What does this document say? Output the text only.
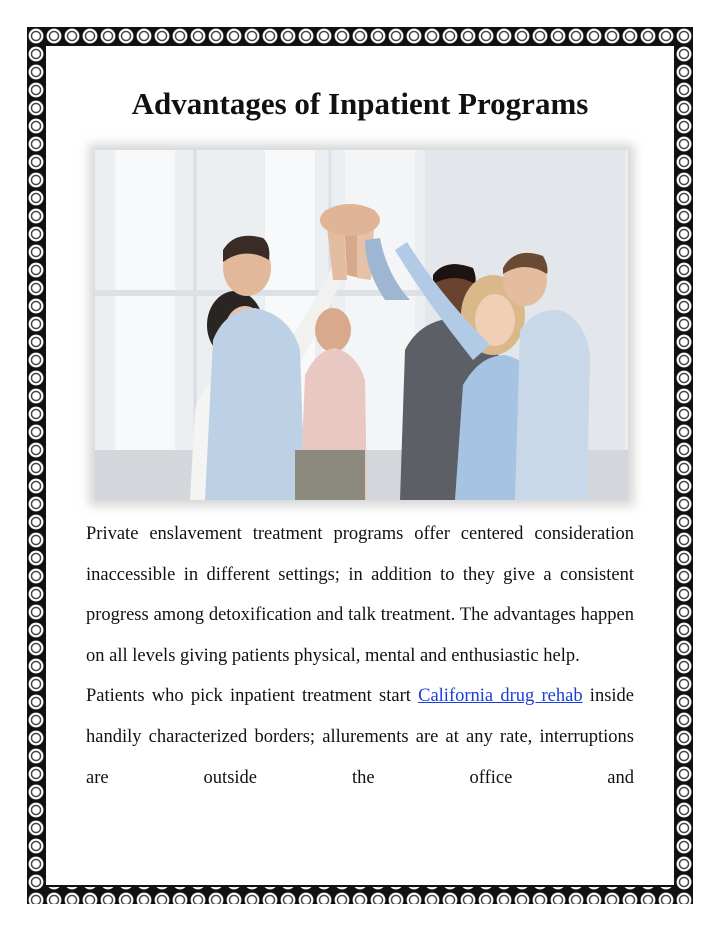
Advantages of Inpatient Programs

Private enslavement treatment programs offer centered consideration inaccessible in different settings; in addition to they give a consistent progress among detoxification and talk treatment. The advantages happen on all levels giving patients physical, mental and enthusiastic help.

Patients who pick inpatient treatment start California drug rehab inside handily characterized borders; allurements are at any rate, interruptions are outside the office and
